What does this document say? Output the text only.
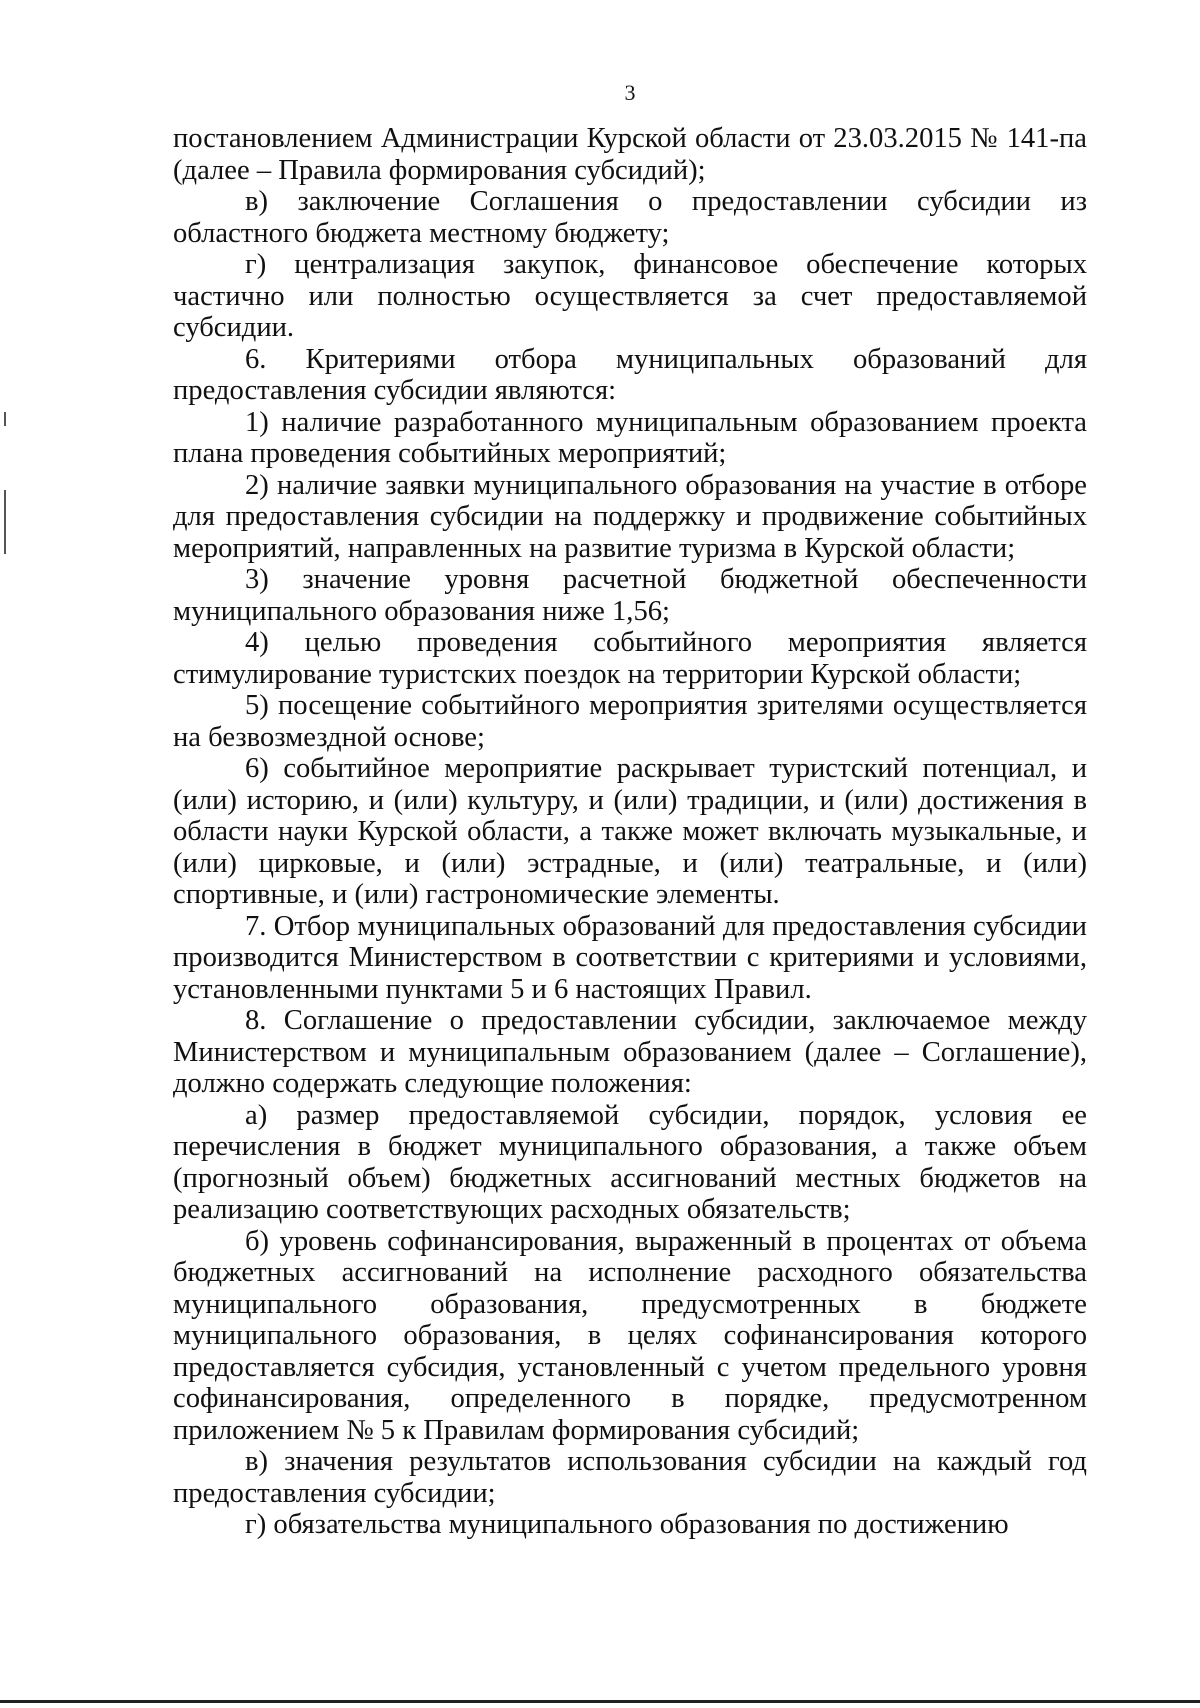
3

постановлением Администрации Курской области от 23.03.2015 № 141-па (далее – Правила формирования субсидий);

в) заключение Соглашения о предоставлении субсидии из областного бюджета местному бюджету;

г) централизация закупок, финансовое обеспечение которых частично или полностью осуществляется за счет предоставляемой субсидии.

6. Критериями отбора муниципальных образований для предоставления субсидии являются:

1) наличие разработанного муниципальным образованием проекта плана проведения событийных мероприятий;

2) наличие заявки муниципального образования на участие в отборе для предоставления субсидии на поддержку и продвижение событийных мероприятий, направленных на развитие туризма в Курской области;

3) значение уровня расчетной бюджетной обеспеченности муниципального образования ниже 1,56;

4) целью проведения событийного мероприятия является стимулирование туристских поездок на территории Курской области;

5) посещение событийного мероприятия зрителями осуществляется на безвозмездной основе;

6) событийное мероприятие раскрывает туристский потенциал, и (или) историю, и (или) культуру, и (или) традиции, и (или) достижения в области науки Курской области, а также может включать музыкальные, и (или) цирковые, и (или) эстрадные, и (или) театральные, и (или) спортивные, и (или) гастрономические элементы.

7. Отбор муниципальных образований для предоставления субсидии производится Министерством в соответствии с критериями и условиями, установленными пунктами 5 и 6 настоящих Правил.

8. Соглашение о предоставлении субсидии, заключаемое между Министерством и муниципальным образованием (далее – Соглашение), должно содержать следующие положения:

а) размер предоставляемой субсидии, порядок, условия ее перечисления в бюджет муниципального образования, а также объем (прогнозный объем) бюджетных ассигнований местных бюджетов на реализацию соответствующих расходных обязательств;

б) уровень софинансирования, выраженный в процентах от объема бюджетных ассигнований на исполнение расходного обязательства муниципального образования, предусмотренных в бюджете муниципального образования, в целях софинансирования которого предоставляется субсидия, установленный с учетом предельного уровня софинансирования, определенного в порядке, предусмотренном приложением № 5 к Правилам формирования субсидий;

в) значения результатов использования субсидии на каждый год предоставления субсидии;

г) обязательства муниципального образования по достижению
